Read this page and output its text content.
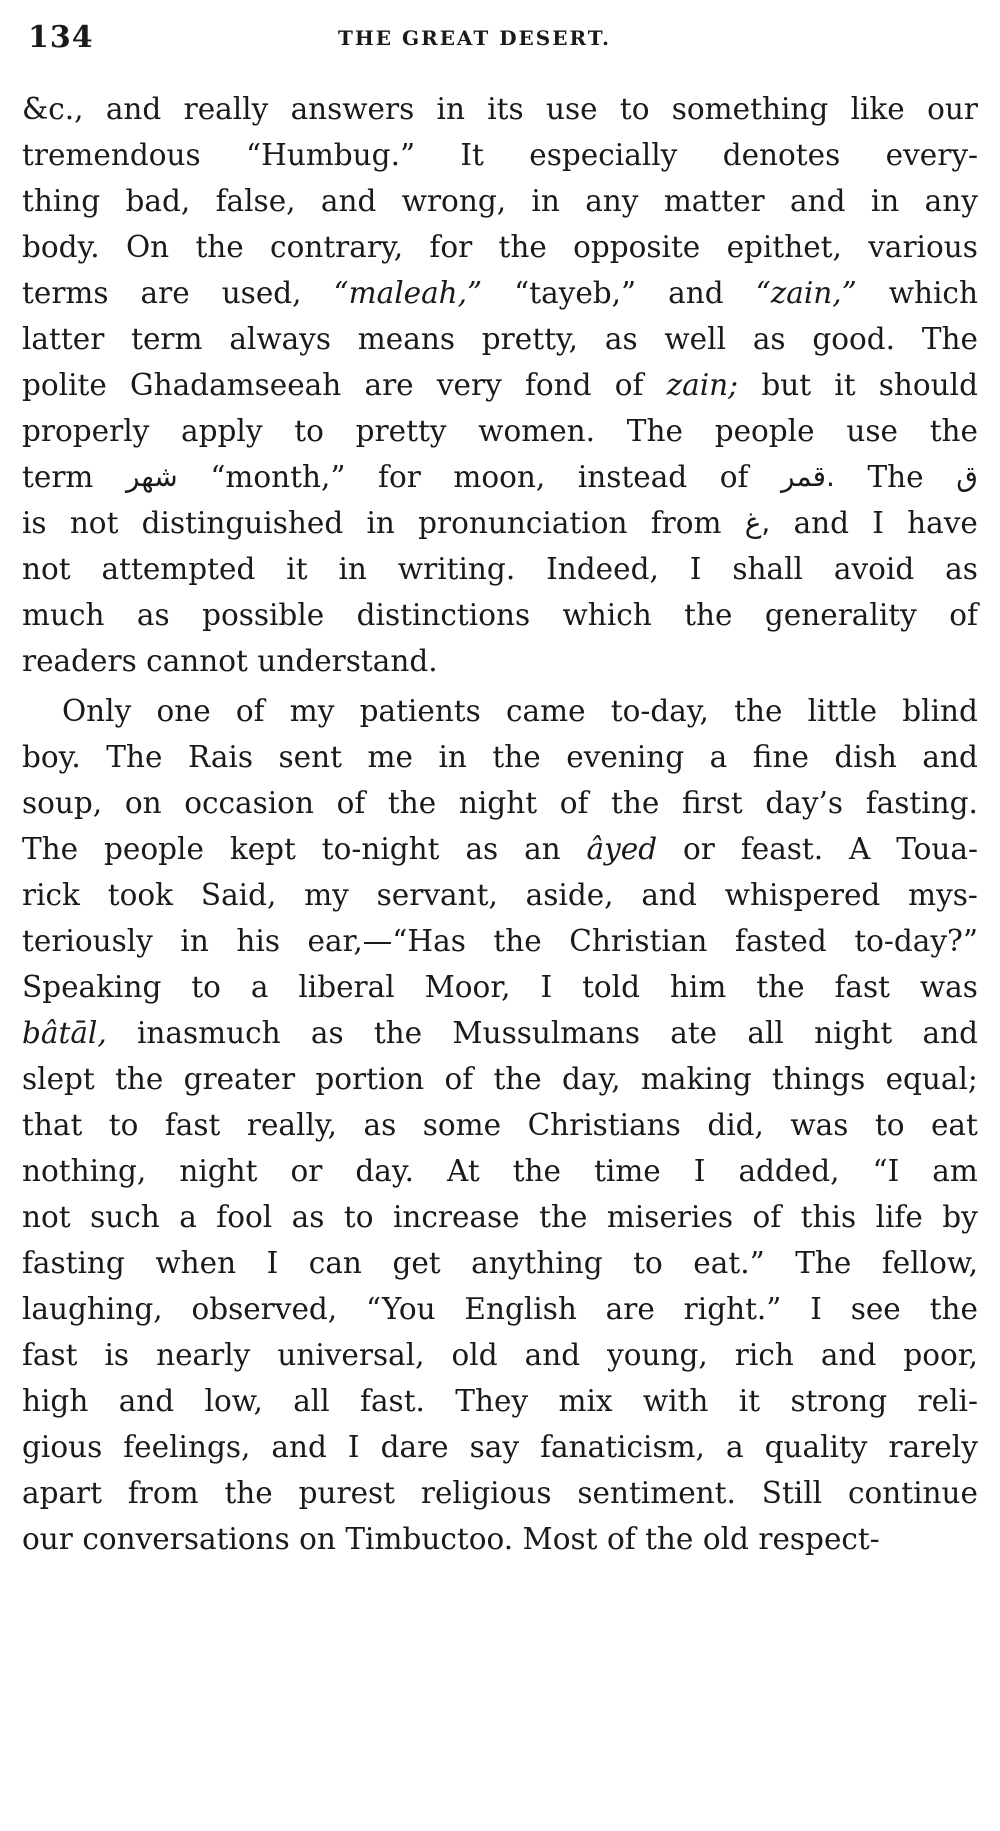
134	THE GREAT DESERT.
&c., and really answers in its use to something like our
tremendous “Humbug.” It especially denotes every-
thing bad, false, and wrong, in any matter and in any
body. On the contrary, for the opposite epithet, various
terms are used, “maleah,” “tayeb,” and “zain,” which
latter term always means pretty, as well as good. The
polite Ghadamseeah are very fond of zain; but it should
properly apply to pretty women. The people use the
term شهر “month,” for moon, instead of قمر. The ق
is not distinguished in pronunciation from غ, and I have
not attempted it in writing. Indeed, I shall avoid as
much as possible distinctions which the generality of
readers cannot understand.
Only one of my patients came to-day, the little blind
boy. The Rais sent me in the evening a fine dish and
soup, on occasion of the night of the first day’s fasting.
The people kept to-night as an âyed or feast. A Toua-
rick took Said, my servant, aside, and whispered mys-
teriously in his ear,—“Has the Christian fasted to-day?”
Speaking to a liberal Moor, I told him the fast was
bâtāl, inasmuch as the Mussulmans ate all night and
slept the greater portion of the day, making things equal;
that to fast really, as some Christians did, was to eat
nothing, night or day. At the time I added, “I am
not such a fool as to increase the miseries of this life by
fasting when I can get anything to eat.” The fellow,
laughing, observed, “You English are right.” I see the
fast is nearly universal, old and young, rich and poor,
high and low, all fast. They mix with it strong reli-
gious feelings, and I dare say fanaticism, a quality rarely
apart from the purest religious sentiment. Still continue
our conversations on Timbuctoo. Most of the old respect-
